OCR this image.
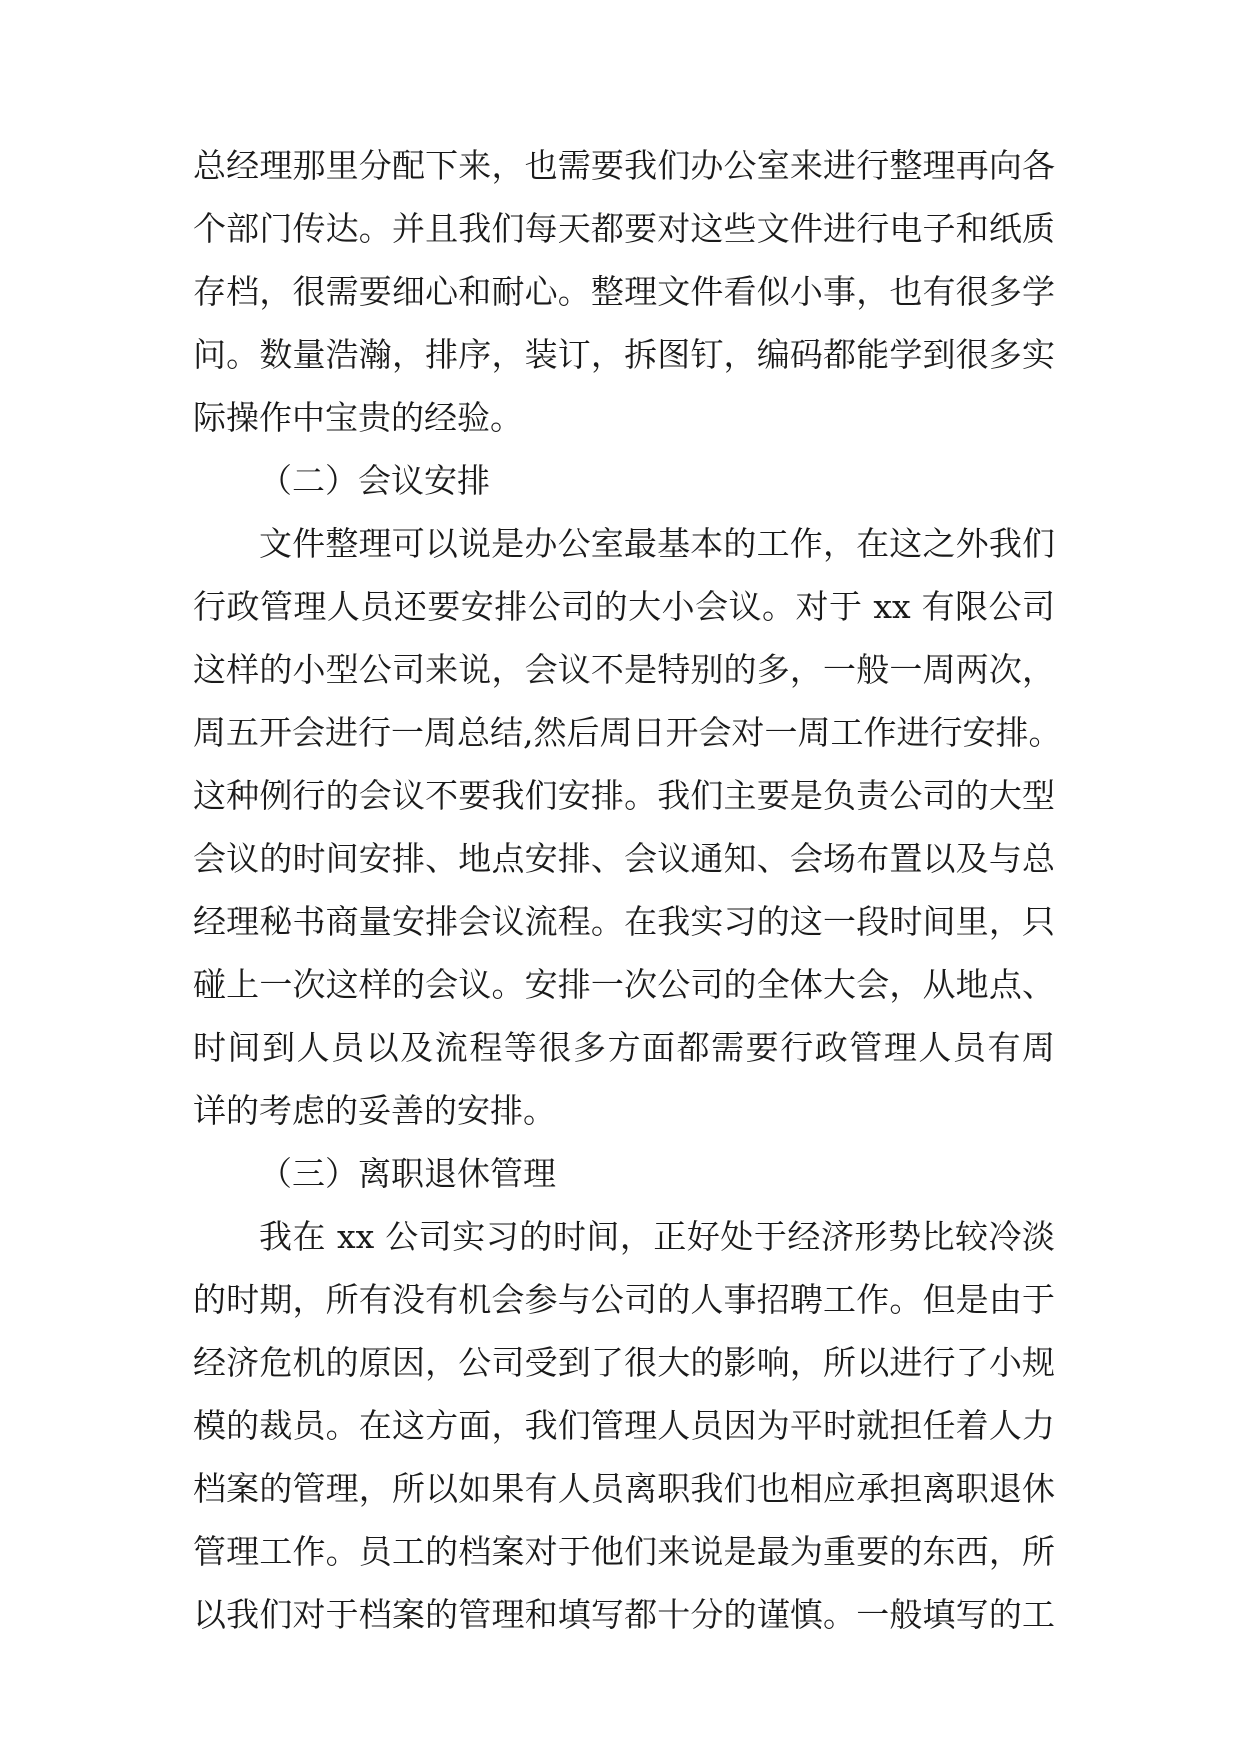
总经理那里分配下来，也需要我们办公室来进行整理再向各
个部门传达。并且我们每天都要对这些文件进行电子和纸质
存档，很需要细心和耐心。整理文件看似小事，也有很多学
问。数量浩瀚，排序，装订，拆图钉，编码都能学到很多实
际操作中宝贵的经验。
（二）会议安排
文件整理可以说是办公室最基本的工作，在这之外我们
行政管理人员还要安排公司的大小会议。对于 xx 有限公司
这样的小型公司来说，会议不是特别的多，一般一周两次，
周五开会进行一周总结,然后周日开会对一周工作进行安排。
这种例行的会议不要我们安排。我们主要是负责公司的大型
会议的时间安排、地点安排、会议通知、会场布置以及与总
经理秘书商量安排会议流程。在我实习的这一段时间里，只
碰上一次这样的会议。安排一次公司的全体大会，从地点、
时间到人员以及流程等很多方面都需要行政管理人员有周
详的考虑的妥善的安排。
（三）离职退休管理
我在 xx 公司实习的时间，正好处于经济形势比较冷淡
的时期，所有没有机会参与公司的人事招聘工作。但是由于
经济危机的原因，公司受到了很大的影响，所以进行了小规
模的裁员。在这方面，我们管理人员因为平时就担任着人力
档案的管理，所以如果有人员离职我们也相应承担离职退休
管理工作。员工的档案对于他们来说是最为重要的东西，所
以我们对于档案的管理和填写都十分的谨慎。一般填写的工
